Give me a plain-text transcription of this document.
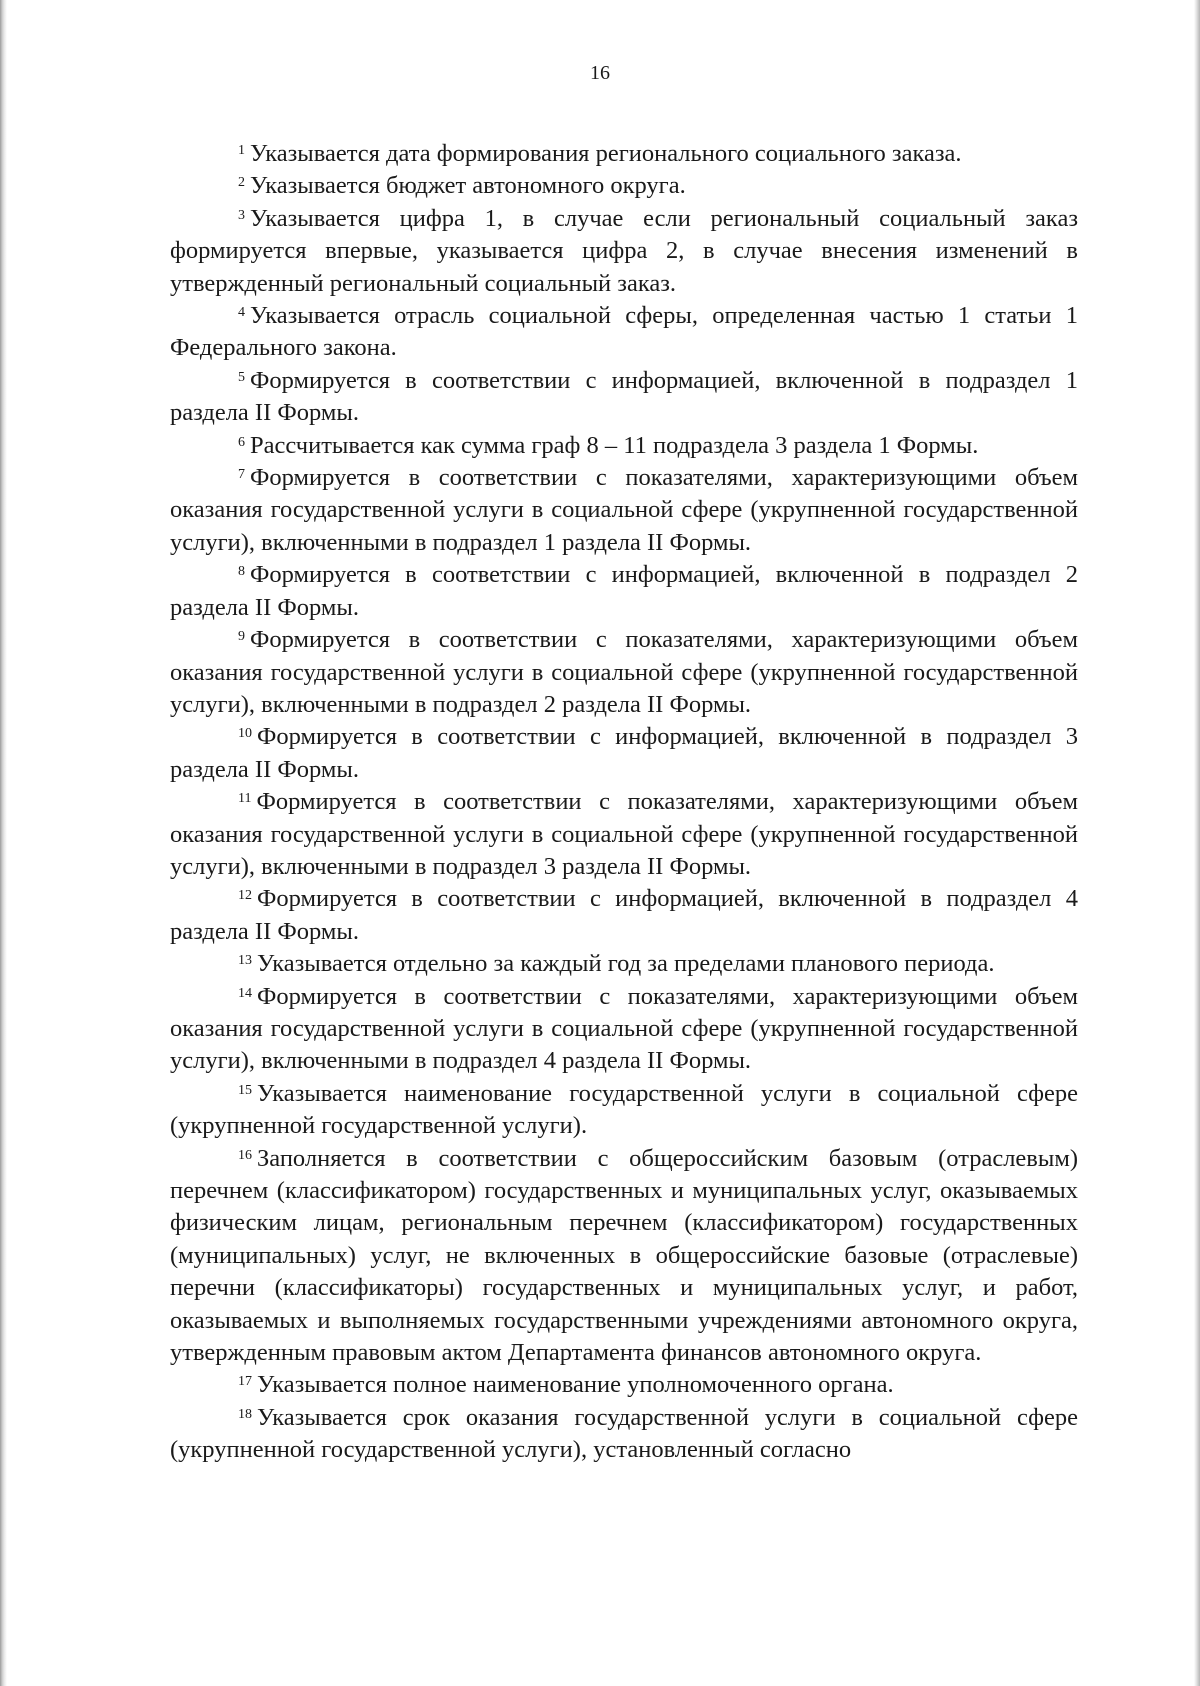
16

$^1$ Указывается дата формирования регионального социального заказа.

$^2$ Указывается бюджет автономного округа.

$^3$ Указывается цифра 1, в случае если региональный социальный заказ формируется впервые, указывается цифра 2, в случае внесения изменений в утвержденный региональный социальный заказ.

$^4$ Указывается отрасль социальной сферы, определенная частью 1 статьи 1 Федерального закона.

$^5$ Формируется в соответствии с информацией, включенной в подраздел 1 раздела II Формы.

$^6$ Рассчитывается как сумма граф 8 – 11 подраздела 3 раздела 1 Формы.

$^7$ Формируется в соответствии с показателями, характеризующими объем оказания государственной услуги в социальной сфере (укрупненной государственной услуги), включенными в подраздел 1 раздела II Формы.

$^8$ Формируется в соответствии с информацией, включенной в подраздел 2 раздела II Формы.

$^9$ Формируется в соответствии с показателями, характеризующими объем оказания государственной услуги в социальной сфере (укрупненной государственной услуги), включенными в подраздел 2 раздела II Формы.

$^{10}$ Формируется в соответствии с информацией, включенной в подраздел 3 раздела II Формы.

$^{11}$ Формируется в соответствии с показателями, характеризующими объем оказания государственной услуги в социальной сфере (укрупненной государственной услуги), включенными в подраздел 3 раздела II Формы.

$^{12}$ Формируется в соответствии с информацией, включенной в подраздел 4 раздела II Формы.

$^{13}$ Указывается отдельно за каждый год за пределами планового периода.

$^{14}$ Формируется в соответствии с показателями, характеризующими объем оказания государственной услуги в социальной сфере (укрупненной государственной услуги), включенными в подраздел 4 раздела II Формы.

$^{15}$ Указывается наименование государственной услуги в социальной сфере (укрупненной государственной услуги).

$^{16}$ Заполняется в соответствии с общероссийским базовым (отраслевым) перечнем (классификатором) государственных и муниципальных услуг, оказываемых физическим лицам, региональным перечнем (классификатором) государственных (муниципальных) услуг, не включенных в общероссийские базовые (отраслевые) перечни (классификаторы) государственных и муниципальных услуг, и работ, оказываемых и выполняемых государственными учреждениями автономного округа, утвержденным правовым актом Департамента финансов автономного округа.

$^{17}$ Указывается полное наименование уполномоченного органа.

$^{18}$ Указывается срок оказания государственной услуги в социальной сфере (укрупненной государственной услуги), установленный согласно
